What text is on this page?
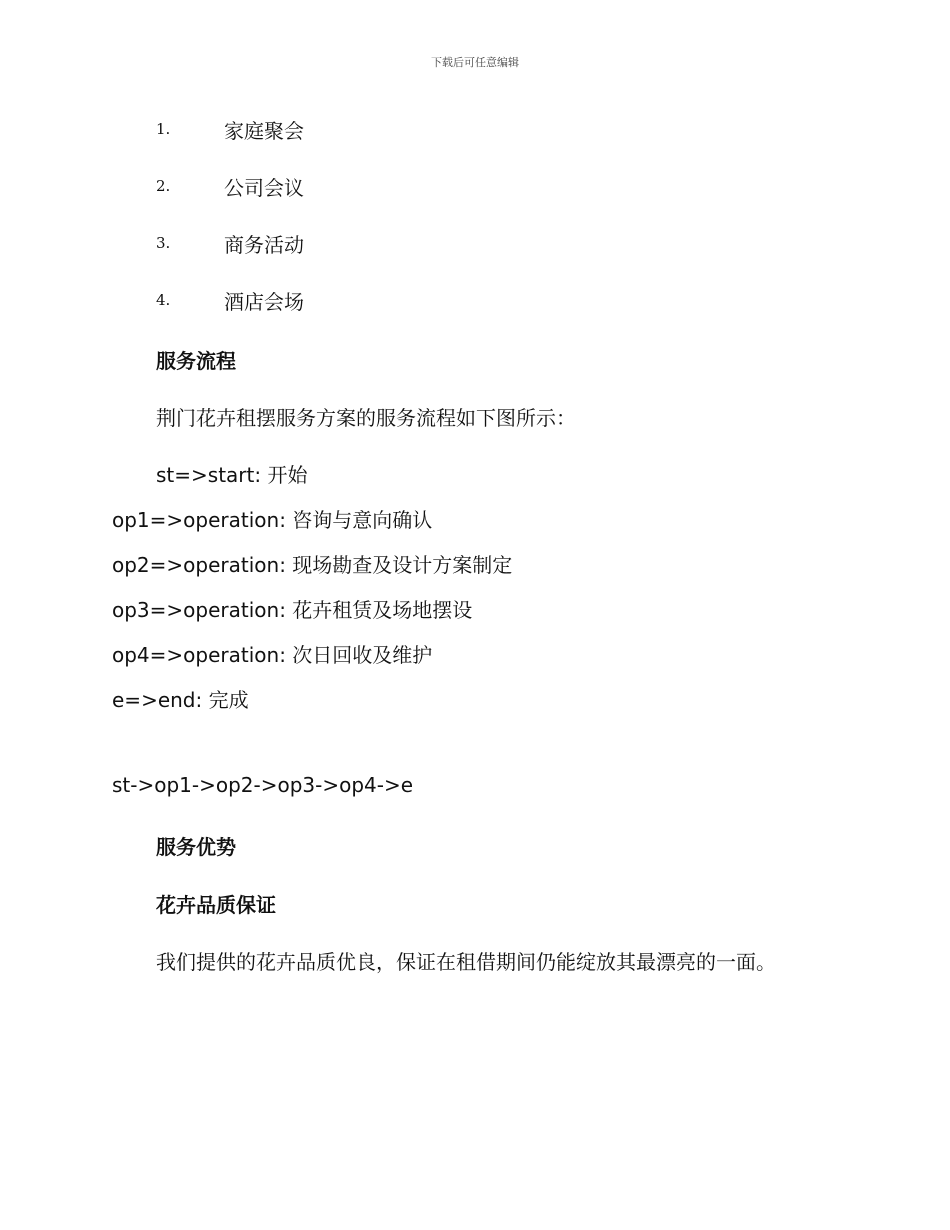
下载后可任意编辑
1.	家庭聚会
2.	公司会议
3.	商务活动
4.	酒店会场
服务流程
荆门花卉租摆服务方案的服务流程如下图所示：
st=>start: 开始
op1=>operation: 咨询与意向确认
op2=>operation: 现场勘查及设计方案制定
op3=>operation: 花卉租赁及场地摆设
op4=>operation: 次日回收及维护
e=>end: 完成
st->op1->op2->op3->op4->e
服务优势
花卉品质保证
我们提供的花卉品质优良，保证在租借期间仍能绽放其最漂亮的一面。
